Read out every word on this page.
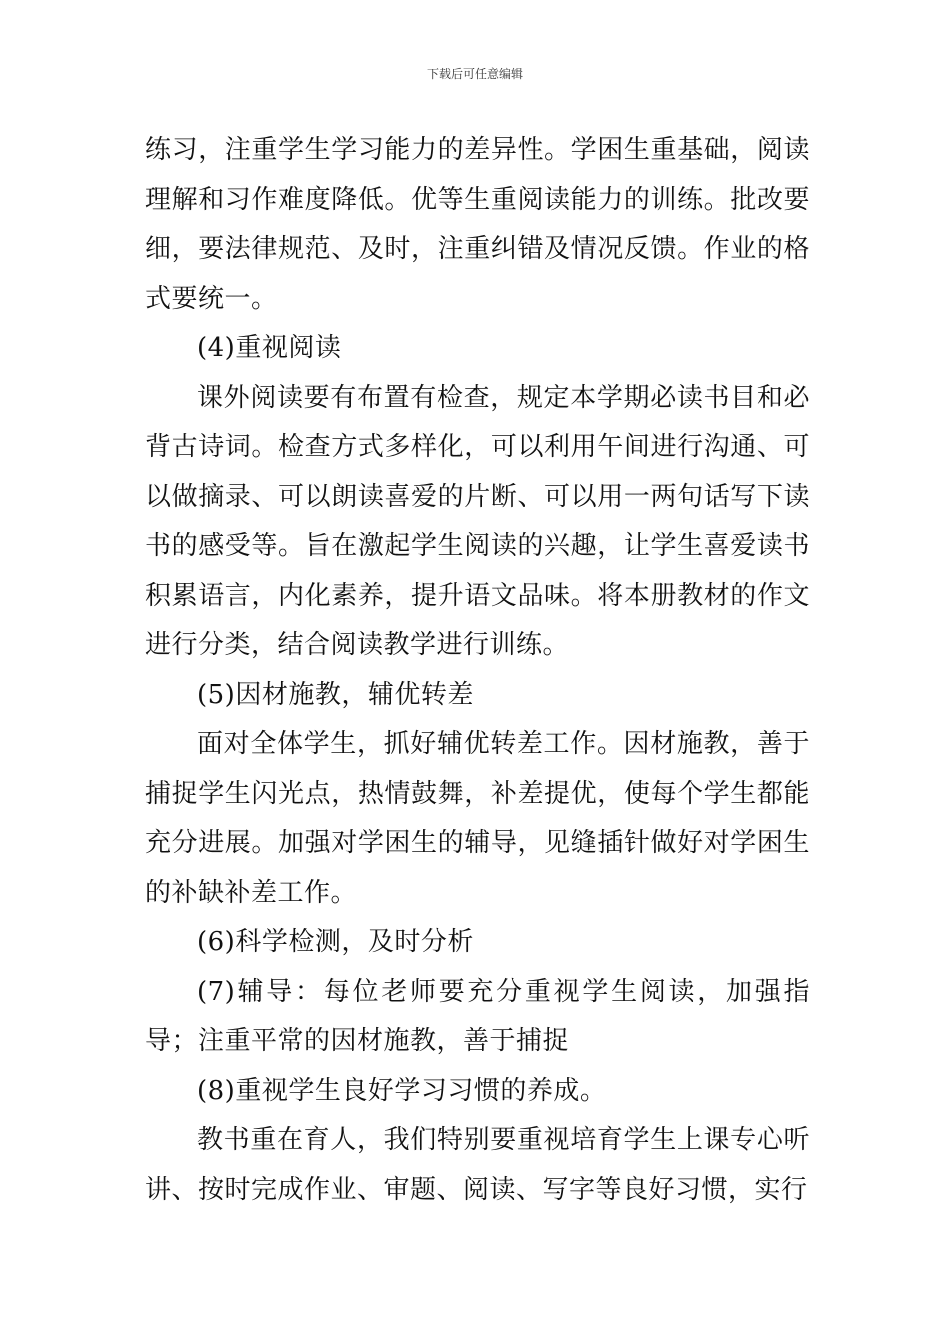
下载后可任意编辑

练习，注重学生学习能力的差异性。学困生重基础，阅读理解和习作难度降低。优等生重阅读能力的训练。批改要细，要法律规范、及时，注重纠错及情况反馈。作业的格式要统一。

(4)重视阅读

课外阅读要有布置有检查，规定本学期必读书目和必背古诗词。检查方式多样化，可以利用午间进行沟通、可以做摘录、可以朗读喜爱的片断、可以用一两句话写下读书的感受等。旨在激起学生阅读的兴趣，让学生喜爱读书积累语言，内化素养，提升语文品味。将本册教材的作文进行分类，结合阅读教学进行训练。

(5)因材施教，辅优转差

面对全体学生，抓好辅优转差工作。因材施教，善于捕捉学生闪光点，热情鼓舞，补差提优，使每个学生都能充分进展。加强对学困生的辅导，见缝插针做好对学困生的补缺补差工作。

(6)科学检测，及时分析

(7)辅导：每位老师要充分重视学生阅读，加强指导；注重平常的因材施教，善于捕捉

(8)重视学生良好学习习惯的养成。

教书重在育人，我们特别要重视培育学生上课专心听讲、按时完成作业、审题、阅读、写字等良好习惯，实行
